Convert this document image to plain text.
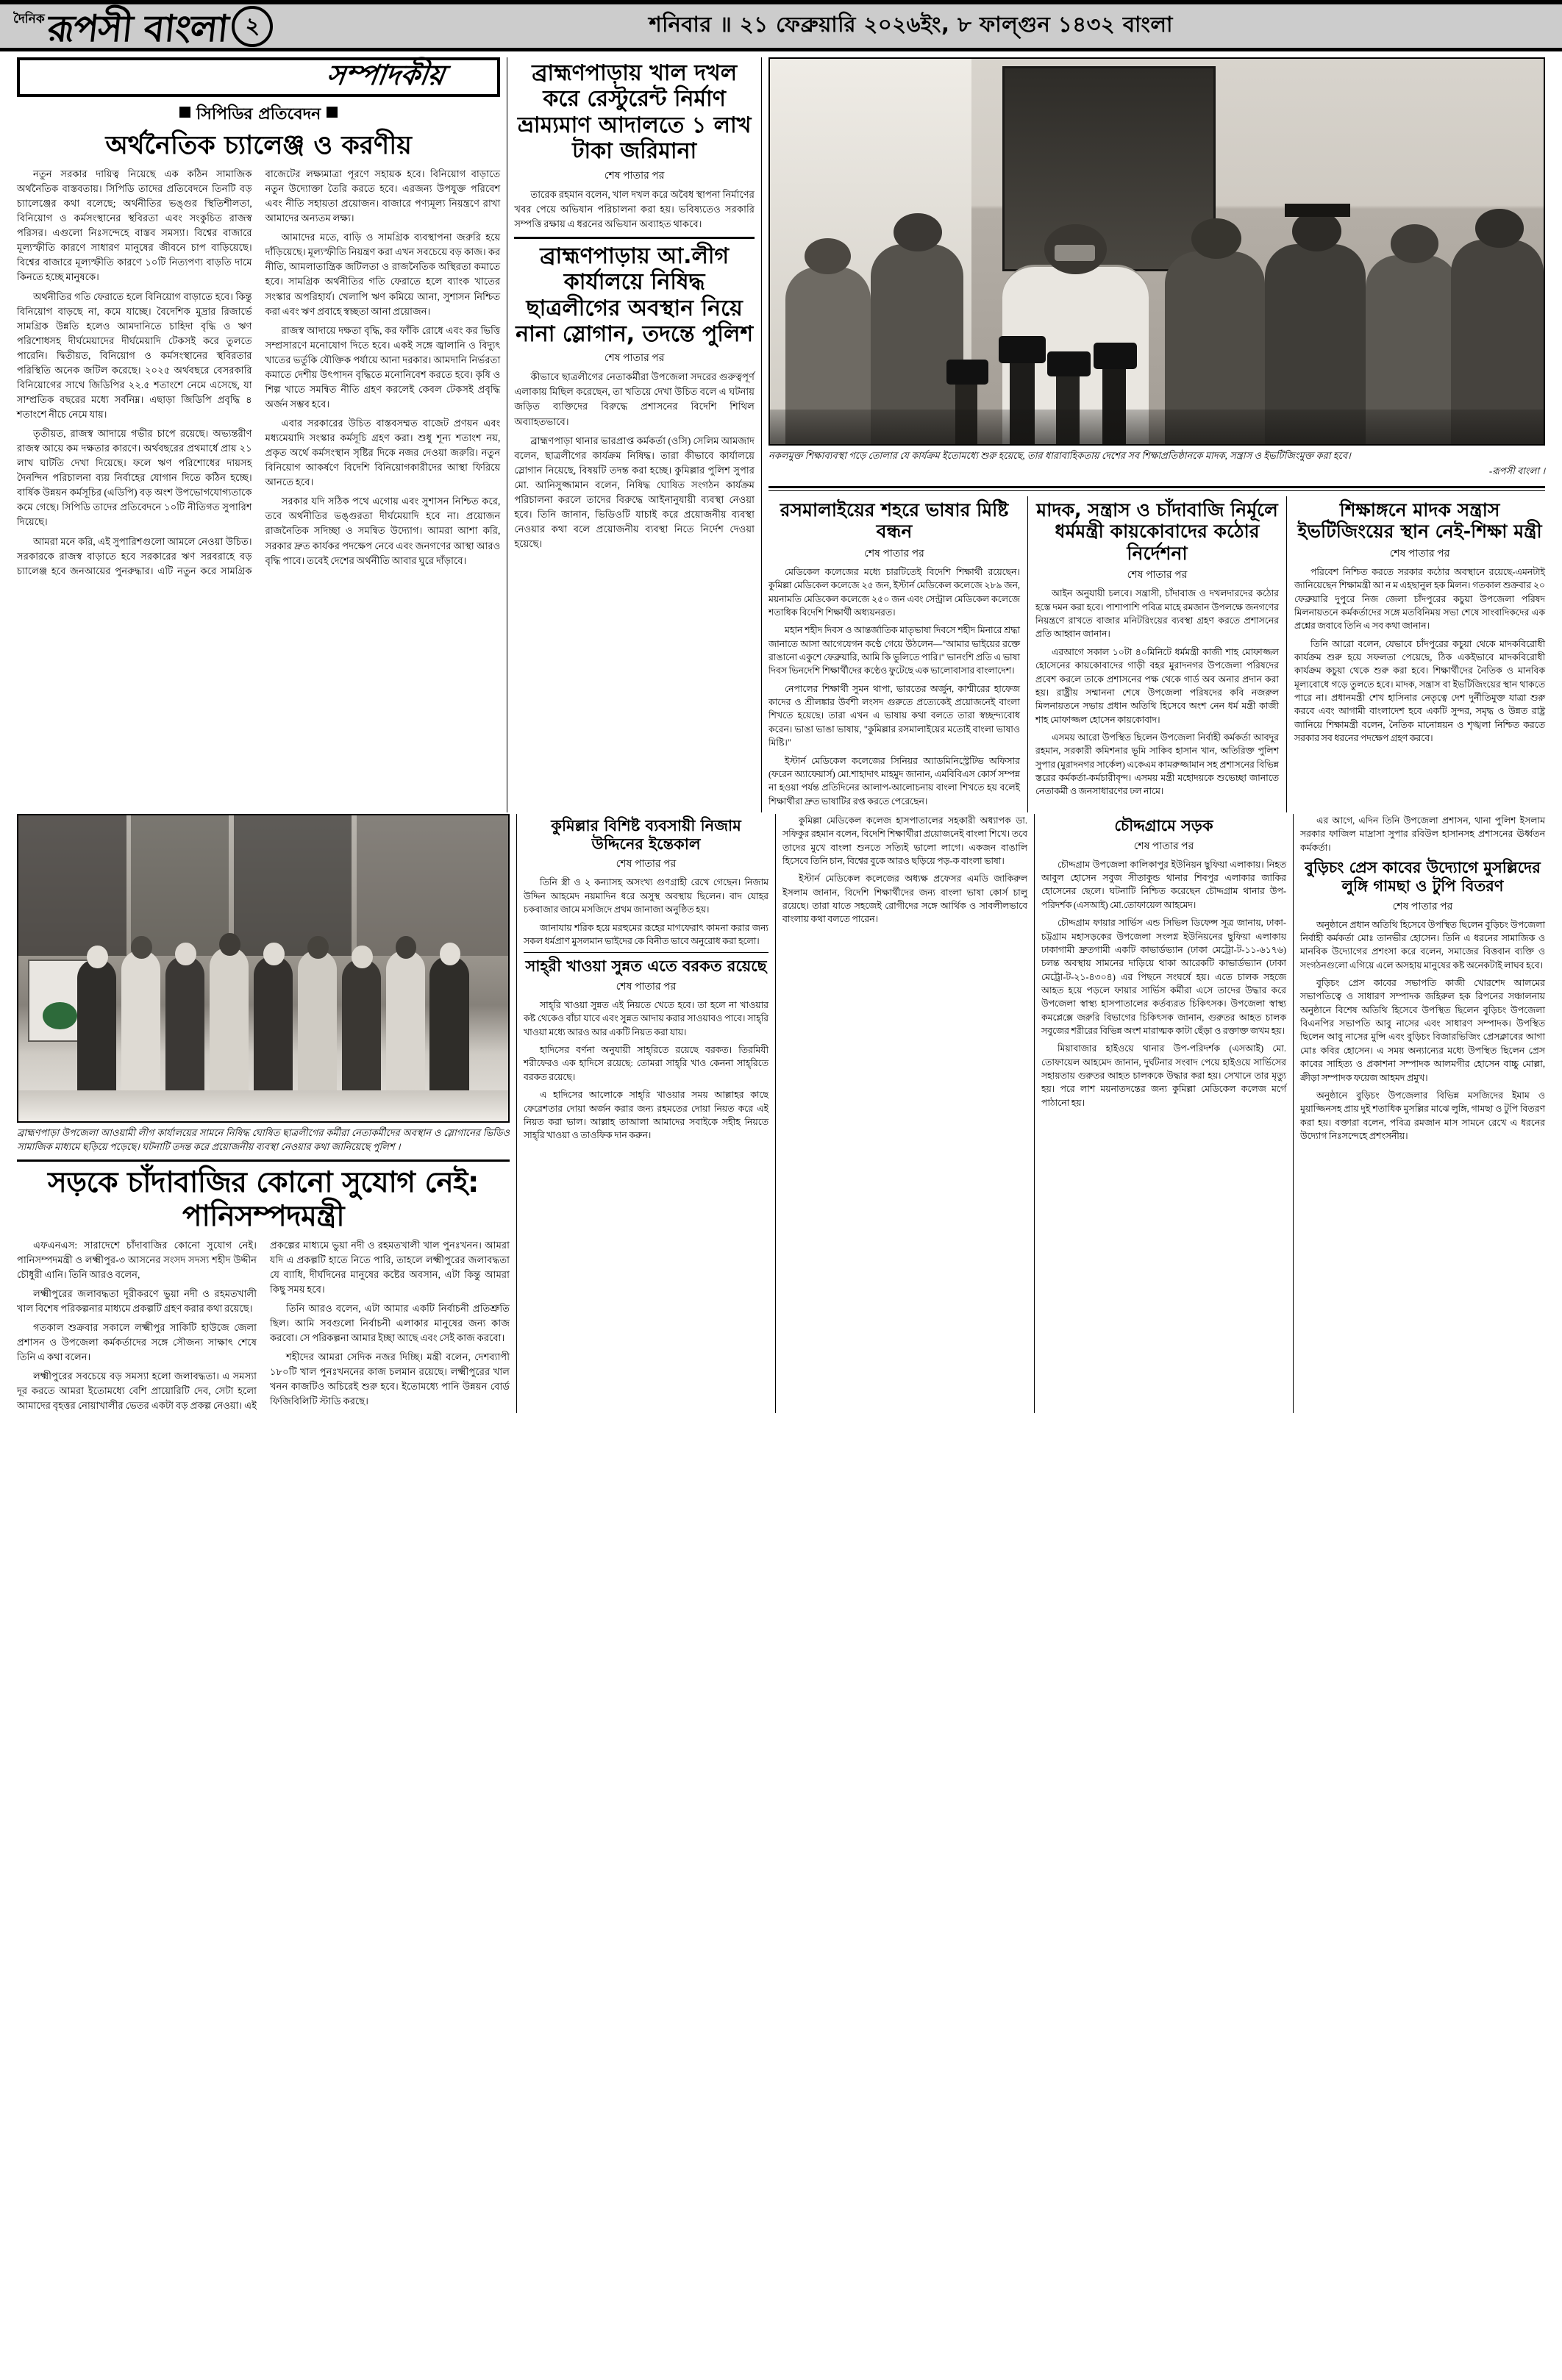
দৈনিক রূপসী বাংলা ২	শনিবার ॥ ২১ ফেব্রুয়ারি ২০২৬ইং, ৮ ফাল্গুন ১৪৩২ বাংলা
সম্পাদকীয়
সিপিডির প্রতিবেদন
অর্থনৈতিক চ্যালেঞ্জ ও করণীয়

নতুন সরকার দায়িত্ব নিয়েছে এক কঠিন সামাজিক অর্থনৈতিক বাস্তবতায়। সিপিডি তাদের প্রতিবেদনে তিনটি বড় চ্যালেঞ্জের কথা বলেছে; অর্থনীতির ভঙ্গুর স্থিতিশীলতা, বিনিয়োগ ও কর্মসংস্থানের স্থবিরতা এবং সংকুচিত রাজস্ব পরিসর। এগুলো নিঃসন্দেহে বাস্তব সমস্যা। বিশ্বের বাজারে মূল্যস্ফীতি কারণে সাধারণ মানুষের জীবনে চাপ বাড়িয়েছে। বিশ্বের বাজারে মূল্যস্ফীতি কারণে ১০টি নিত্যপণ্য বাড়তি দামে কিনতে হচ্ছে মানুষকে।

অর্থনীতির গতি ফেরাতে হলে বিনিয়োগ বাড়াতে হবে। কিন্তু বিনিয়োগ বাড়ছে না, কমে যাচ্ছে। বৈদেশিক মুদ্রার রিজার্ভে সামগ্রিক উন্নতি হলেও আমদানিতে চাহিদা বৃদ্ধি ও ঋণ পরিশোধসহ দীর্ঘমেয়াদের দীর্ঘমেয়াদি টেকসই করে তুলতে পারেনি। দ্বিতীয়ত, বিনিয়োগ ও কর্মসংস্থানের স্থবিরতার পরিস্থিতি অনেক জটিল করেছে। ২০২৫ অর্থবছরে বেসরকারি বিনিয়োগের সাথে জিডিপির ২২.৫ শতাংশে নেমে এসেছে, যা সাম্প্রতিক বছরের মধ্যে সর্বনিম্ন। এছাড়া জিডিপি প্রবৃদ্ধি ৪ শতাংশে নীচে নেমে যায়।

তৃতীয়ত, রাজস্ব আদায়ে গভীর চাপে রয়েছে। অভ্যন্তরীণ রাজস্ব আয়ে কম দক্ষতার কারণে। অর্থবছরের প্রথমার্ধে প্রায় ২১ লাখ ঘাটতি দেখা দিয়েছে। ফলে ঋণ পরিশোধের দায়সহ দৈনন্দিন পরিচালনা ব্যয় নির্বাহের যোগান দিতে কঠিন হচ্ছে। বার্ষিক উন্নয়ন কর্মসূচির (এডিপি) বড় অংশ উপভোগযোগ্যতাকে কমে গেছে। সিপিডি তাদের প্রতিবেদনে ১০টি নীতিগত সুপারিশ দিয়েছে।

আমরা মনে করি, এই সুপারিশগুলো আমলে নেওয়া উচিত। সরকারকে রাজস্ব বাড়াতে হবে সরকারের ঋণ সরবরাহে বড় চ্যালেঞ্জ হবে জনআয়ের পুনরুদ্ধার। এটি নতুন করে সামগ্রিক বাজেটের লক্ষ্যমাত্রা পূরণে সহায়ক হবে। বিনিয়োগ বাড়াতে নতুন উদ্যোক্তা তৈরি করতে হবে। এরজন্য উপযুক্ত পরিবেশ এবং নীতি সহায়তা প্রয়োজন। বাজারে পণ্যমূল্য নিয়ন্ত্রণে রাখা আমাদের অন্যতম লক্ষ্য।

আমাদের মতে, বাড়ি ও সামগ্রিক ব্যবস্থাপনা জরুরি হয়ে দাঁড়িয়েছে। মূল্যস্ফীতি নিয়ন্ত্রণ করা এখন সবচেয়ে বড় কাজ। কর নীতি, আমলাতান্ত্রিক জটিলতা ও রাজনৈতিক অস্থিরতা কমাতে হবে। সামগ্রিক অর্থনীতির গতি ফেরাতে হলে ব্যাংক খাতের সংস্কার অপরিহার্য। খেলাপি ঋণ কমিয়ে আনা, সুশাসন নিশ্চিত করা এবং ঋণ প্রবাহে স্বচ্ছতা আনা প্রয়োজন।

রাজস্ব আদায়ে দক্ষতা বৃদ্ধি, কর ফাঁকি রোধে এবং কর ভিত্তি সম্প্রসারণে মনোযোগ দিতে হবে। একই সঙ্গে জ্বালানি ও বিদ্যুৎ খাতের ভর্তুকি যৌক্তিক পর্যায়ে আনা দরকার। আমদানি নির্ভরতা কমাতে দেশীয় উৎপাদন বৃদ্ধিতে মনোনিবেশ করতে হবে। কৃষি ও শিল্প খাতে সমন্বিত নীতি গ্রহণ করলেই কেবল টেকসই প্রবৃদ্ধি অর্জন সম্ভব হবে।

এবার সরকারের উচিত বাস্তবসম্মত বাজেট প্রণয়ন এবং মধ্যমেয়াদি সংস্কার কর্মসূচি গ্রহণ করা। শুধু শূন্য শতাংশ নয়, প্রকৃত অর্থে কর্মসংস্থান সৃষ্টির দিকে নজর দেওয়া জরুরি। নতুন বিনিয়োগ আকর্ষণে বিদেশি বিনিয়োগকারীদের আস্থা ফিরিয়ে আনতে হবে।

সরকার যদি সঠিক পথে এগোয় এবং সুশাসন নিশ্চিত করে, তবে অর্থনীতির ভঙ্গুরতা দীর্ঘমেয়াদি হবে না। প্রয়োজন রাজনৈতিক সদিচ্ছা ও সমন্বিত উদ্যোগ। আমরা আশা করি, সরকার দ্রুত কার্যকর পদক্ষেপ নেবে এবং জনগণের আস্থা আরও বৃদ্ধি পাবে। তবেই দেশের অর্থনীতি আবার ঘুরে দাঁড়াবে।

ব্রাহ্মণপাড়ায় খাল দখল করে রেস্টুরেন্ট নির্মাণ ভ্রাম্যমাণ আদালতে ১ লাখ টাকা জরিমানা
শেষ পাতার পর

তারেক রহমান বলেন, খাল দখল করে অবৈধ স্থাপনা নির্মাণের খবর পেয়ে অভিযান পরিচালনা করা হয়। ভবিষ্যতেও সরকারি সম্পত্তি রক্ষায় এ ধরনের অভিযান অব্যাহত থাকবে।

ব্রাহ্মণপাড়ায় আ.লীগ কার্যালয়ে নিষিদ্ধ ছাত্রলীগের অবস্থান নিয়ে নানা স্লোগান, তদন্তে পুলিশ
শেষ পাতার পর

কীভাবে ছাত্রলীগের নেতাকর্মীরা উপজেলা সদরের গুরুত্বপূর্ণ এলাকায় মিছিল করেছেন, তা খতিয়ে দেখা উচিত বলে এ ঘটনায় জড়িত ব্যক্তিদের বিরুদ্ধে প্রশাসনের বিদেশি শিথিল অব্যাহতভাবে।

ব্রাহ্মণপাড়া থানার ভারপ্রাপ্ত কর্মকর্তা (ওসি) সেলিম আমজাদ বলেন, ছাত্রলীগের কার্যক্রম নিষিদ্ধ। তারা কীভাবে কার্যালয়ে স্লোগান নিয়েছে, বিষয়টি তদন্ত করা হচ্ছে। কুমিল্লার পুলিশ সুপার মো. আনিসুজ্জামান বলেন, নিষিদ্ধ ঘোষিত সংগঠন কার্যক্রম পরিচালনা করলে তাদের বিরুদ্ধে আইনানুযায়ী ব্যবস্থা নেওয়া হবে। তিনি জানান, ভিডিওটি যাচাই করে প্রয়োজনীয় ব্যবস্থা নেওয়ার কথা বলে প্রয়োজনীয় ব্যবস্থা নিতে নির্দেশ দেওয়া হয়েছে।

নকলমুক্ত শিক্ষাব্যবস্থা গড়ে তোলার যে কার্যক্রম ইতোমধ্যে শুরু হয়েছে, তার ধারাবাহিকতায় দেশের সব শিক্ষাপ্রতিষ্ঠানকে মাদক, সন্ত্রাস ও ইভটিজিংমুক্ত করা হবে।
-রূপসী বাংলা ।
রসমালাইয়ের শহরে ভাষার মিষ্টি বন্ধন
শেষ পাতার পর

মেডিকেল কলেজের মধ্যে চারটিতেই বিদেশি শিক্ষার্থী রয়েছেন। কুমিল্লা মেডিকেল কলেজে ২৫ জন, ইস্টার্ন মেডিকেল কলেজে ২৮৯ জন, ময়নামতি মেডিকেল কলেজে ২৫০ জন এবং সেন্ট্রাল মেডিকেল কলেজে শতাধিক বিদেশি শিক্ষার্থী অধ্যয়নরত।

মহান শহীদ দিবস ও আন্তর্জাতিক মাতৃভাষা দিবসে শহীদ মিনারে শ্রদ্ধা জানাতে আসা আগেযেগন কণ্ঠে গেয়ে উঠলেন—"আমার ভাইয়ের রক্তে রাঙানো একুশে ফেব্রুয়ারি, আমি কি ভুলিতে পারি।" ভানংশি প্রতি এ ভাষা দিবস ভিনদেশি শিক্ষার্থীদের কণ্ঠেও ফুটেছে এক ভালোবাসার বাংলাদেশ।

নেপালের শিক্ষার্থী সুমন থাপা, ভারতের অর্জুন, কাশ্মীরের হাফেজ কাদের ও শ্রীলঙ্কার উর্বশী লংসদ গুরুতে প্রত্যেকেই প্রয়োজনেই বাংলা শিখতে হয়েছে। তারা এখন এ ভাষায় কথা বলতে তারা স্বচ্ছন্দ্যবোধ করেন। ভাঙা ভাঙা ভাষায়, "কুমিল্লার রসমালাইয়ের মতোই বাংলা ভাষাও মিষ্টি।"

ইস্টার্ন মেডিকেল কলেজের সিনিয়র অ্যাডমিনিস্ট্রেটিভ অফিসার (ফরেন অ্যাফেয়ার্স) মো.শাহাদাৎ মাহমুদ জানান, এমবিবিএস কোর্স সম্পন্ন না হওয়া পর্যন্ত প্রতিদিনের আলাপ-আলোচনায় বাংলা শিখতে হয় বলেই শিক্ষার্থীরা দ্রুত ভাষাটির রপ্ত করতে পেরেছেন।

মাদক, সন্ত্রাস ও চাঁদাবাজি নির্মূলে ধর্মমন্ত্রী কায়কোবাদের কঠোর নির্দেশনা
শেষ পাতার পর

আইন অনুযায়ী চলবে। সন্ত্রাসী, চাঁদাবাজ ও দখলদারদের কঠোর হস্তে দমন করা হবে। পাশাপাশি পবিত্র মাহে রমজান উপলক্ষে জনগণের নিয়ন্ত্রণে রাখতে বাজার মনিটরিংয়ের ব্যবস্থা গ্রহণ করতে প্রশাসনের প্রতি আহ্বান জানান।

এরআগে সকাল ১০টা ৪০মিনিটে ধর্মমন্ত্রী কাজী শাহ মোফাজ্জল হোসেনের কায়কোবাদের গাড়ী বহর মুরাদনগর উপজেলা পরিষদের প্রবেশ করলে তাকে প্রশাসনের পক্ষ থেকে গার্ড অব অনার প্রদান করা হয়। রাষ্ট্রীয় সম্মাননা শেষে উপজেলা পরিষদের কবি নজরুল মিলনায়তনে সভায় প্রধান অতিথি হিসেবে অংশ নেন ধর্ম মন্ত্রী কাজী শাহ মোফাজ্জল হোসেন কায়কোবাদ।

এসময় আরো উপস্থিত ছিলেন উপজেলা নির্বাহী কর্মকর্তা আবদুর রহমান, সরকারী কমিশনার ভূমি সাকিব হাসান খান, অতিরিক্ত পুলিশ সুপার (মুরাদনগর সার্কেল) একেএম কামরুজ্জামান সহ প্রশাসনের বিভিন্ন স্তরের কর্মকর্তা-কর্মচারীবৃন্দ। এসময় মন্ত্রী মহোদয়কে শুভেচ্ছা জানাতে নেতাকর্মী ও জনসাধারণের ঢল নামে।

শিক্ষাঙ্গনে মাদক সন্ত্রাস ইভটিজিংয়ের স্থান নেই-শিক্ষা মন্ত্রী
শেষ পাতার পর

পরিবেশ নিশ্চিত করতে সরকার কঠোর অবস্থানে রয়েছে-এমনটাই জানিয়েছেন শিক্ষামন্ত্রী আ ন ম এহছানুল হক মিলন। গতকাল শুক্রবার ২০ ফেব্রুয়ারি দুপুরে নিজ জেলা চাঁদপুরের কচুয়া উপজেলা পরিষদ মিলনায়তনে কর্মকর্তাদের সঙ্গে মতবিনিময় সভা শেষে সাংবাদিকদের এক প্রশ্নের জবাবে তিনি এ সব কথা জানান।

তিনি আরো বলেন, যেভাবে চাঁদপুরের কচুয়া থেকে মাদকবিরোধী কার্যক্রম শুরু হয়ে সফলতা পেয়েছে, ঠিক একইভাবে মাদকবিরোধী কার্যক্রম কচুয়া থেকে শুরু করা হবে। শিক্ষার্থীদের নৈতিক ও মানবিক মূল্যবোধে গড়ে তুলতে হবে। মাদক, সন্ত্রাস বা ইভটিজিংয়ের স্থান থাকতে পারে না। প্রধানমন্ত্রী শেখ হাসিনার নেতৃত্বে দেশ দুর্নীতিমুক্ত যাত্রা শুরু করবে এবং আগামী বাংলাদেশ হবে একটি সুন্দর, সমৃদ্ধ ও উন্নত রাষ্ট্র জানিয়ে শিক্ষামন্ত্রী বলেন, নৈতিক মানোন্নয়ন ও শৃঙ্খলা নিশ্চিত করতে সরকার সব ধরনের পদক্ষেপ গ্রহণ করবে।

ব্রাহ্মণপাড়া উপজেলা আওয়ামী লীগ কার্যালয়ের সামনে নিষিদ্ধ ঘোষিত ছাত্রলীগের কর্মীরা নেতাকর্মীদের অবস্থান ও স্লোগানের ভিডিও সামাজিক মাধ্যমে ছড়িয়ে পড়েছে। ঘটনাটি তদন্ত করে প্রয়োজনীয় ব্যবস্থা নেওয়ার কথা জানিয়েছে পুলিশ ।
সড়কে চাঁদাবাজির কোনো সুযোগ নেই: পানিসম্পদমন্ত্রী

এফএনএস: সারাদেশে চাঁদাবাজির কোনো সুযোগ নেই। পানিসম্পদমন্ত্রী ও লক্ষ্মীপুর-৩ আসনের সংসদ সদস্য শহীদ উদ্দীন চৌধুরী এানি। তিনি আরও বলেন,

লক্ষ্মীপুরের জলাবদ্ধতা দূরীকরণে ভুয়া নদী ও রহমতখালী খাল বিশেষ পরিকল্পনার মাধ্যমে প্রকল্পটি গ্রহণ করার কথা রয়েছে।

গতকাল শুক্রবার সকালে লক্ষ্মীপুর সাকিটি হাউজে জেলা প্রশাসন ও উপজেলা কর্মকর্তাদের সঙ্গে সৌজন্য সাক্ষাৎ শেষে তিনি এ কথা বলেন।

লক্ষ্মীপুরের সবচেয়ে বড় সমস্যা হলো জলাবদ্ধতা। এ সমস্যা দূর করতে আমরা ইতোমধ্যে বেশি প্রায়োরিটি দেব, সেটা হলো আমাদের বৃহত্তর নোয়াখালীর ভেতর একটা বড় প্রকল্প নেওয়া। এই প্রকল্পের মাধ্যমে ভুয়া নদী ও রহমতখালী খাল পুনঃখনন। আমরা যদি এ প্রকল্পটি হাতে নিতে পারি, তাহলে লক্ষ্মীপুরের জলাবদ্ধতা যে ব্যাধি, দীর্ঘদিনের মানুষের কষ্টের অবসান, এটা কিন্তু আমরা কিছু সময় হবে।

তিনি আরও বলেন, এটা আমার একটি নির্বাচনী প্রতিশ্রুতি ছিল। আমি সবগুলো নির্বাচনী এলাকার মানুষের জন্য কাজ করবো। সে পরিকল্পনা আমার ইচ্ছা আছে এবং সেই কাজ করবো।

শহীদের আমরা সেদিক নজর দিচ্ছি। মন্ত্রী বলেন, দেশব্যাপী ১৮০টি খাল পুনঃখননের কাজ চলমান রয়েছে। লক্ষ্মীপুরের খাল খনন কাজটিও অচিরেই শুরু হবে। ইতোমধ্যে পানি উন্নয়ন বোর্ড ফিজিবিলিটি স্টাডি করছে।

কুমিল্লার বিশিষ্ট ব্যবসায়ী নিজাম উদ্দিনের ইন্তেকাল
শেষ পাতার পর

তিনি স্ত্রী ও ২ কন্যাসহ অসংখ্য গুণগ্রাহী রেখে গেছেন। নিজাম উদ্দিন আহমেদ নয়মাদিন ধরে অসুস্থ অবস্থায় ছিলেন। বাদ যোহর চকবাজার জামে মসজিদে প্রথম জানাজা অনুষ্ঠিত হয়।

জানাযায় শরিক হয়ে মরহুমের রূহের মাগফেরাৎ কামনা করার জন্য সকল ধর্মপ্রাণ মুসলমান ভাইদের কে বিনীত ভাবে অনুরোধ করা হলো।

সাহ্‌রী খাওয়া সুন্নত এতে বরকত রয়েছে
শেষ পাতার পর

সাহ্‌রি খাওয়া সুন্নত এই নিয়তে খেতে হবে। তা হলে না খাওয়ার কষ্ট থেকেও বাঁচা যাবে এবং সুন্নত আদায় করার সাওয়াবও পাবে। সাহ্‌রি খাওয়া মধ্যে আরও আর একটি নিয়ত করা যায়।

হাদিসের বর্ণনা অনুযায়ী সাহ্‌রিতে রয়েছে বরকত। তিরমিযী শরীফেরও এক হাদিসে রয়েছে: তোমরা সাহ্‌রি খাও কেননা সাহ্‌রিতে বরকত রয়েছে।

এ হাদিসের আলোকে সাহ্‌রি খাওয়ার সময় আল্লাহর কাছে ফেরেশতার দোয়া অর্জন করার জন্য রহমতের দোয়া নিয়ত করে এই নিয়ত করা ভাল। আল্লাহ তাআলা আমাদের সবাইকে সহীহ নিয়তে সাহ্‌রি খাওয়া ও তাওফিক দান করুন।

কুমিল্লা মেডিকেল কলেজ হাসপাতালের সহকারী অধ্যাপক ডা. সফিকুর রহমান বলেন, বিদেশি শিক্ষার্থীরা প্রয়োজনেই বাংলা শিখে। তবে তাদের মুখে বাংলা শুনতে সত্যিই ভালো লাগে। একজন বাঙালি হিসেবে তিনি চান, বিশ্বের বুকে আরও ছড়িয়ে পড়-ক বাংলা ভাষা।

ইস্টার্ন মেডিকেল কলেজের অধ্যক্ষ প্রফেসর এমডি জাকিরুল ইসলাম জানান, বিদেশি শিক্ষার্থীদের জন্য বাংলা ভাষা কোর্স চালু রয়েছে। তারা যাতে সহজেই রোগীদের সঙ্গে আর্থিক ও সাবলীলভাবে বাংলায় কথা বলতে পারেন।

চৌদ্দগ্রামে সড়ক
শেষ পাতার পর

চৌদ্দগ্রাম উপজেলা কালিকাপুর ইউনিয়ন ছুফিয়া এলাকায়। নিহত আবুল হোসেন সবুজ সীতাকুন্ড থানার শিবপুর এলাকার জাকির হোসেনের ছেলে। ঘটনাটি নিশ্চিত করেছেন চৌদ্দগ্রাম থানার উপ-পরিদর্শক (এসআই) মো.তোফায়েল আহমেদ।

চৌদ্দগ্রাম ফায়ার সার্ভিস এন্ড সিভিল ডিফেন্স সূত্র জানায়, ঢাকা-চট্টগ্রাম মহাসড়কের উপজেলা সংলগ্ন ইউনিয়নের ছুফিয়া এলাকায় ঢাকাগামী দ্রুতগামী একটি কাভার্ডভ্যান (ঢাকা মেট্রো-ট-১১-৬১৭৬) চলন্ত অবস্থায় সামনের দাড়িয়ে থাকা আরেকটি কাভার্ডভ্যান (ঢাকা মেট্রো-ট-২১-৪৩০৪) এর পিছনে সংঘর্ষে হয়। এতে চালক সহজে আহত হয়ে পড়লে ফায়ার সার্ভিস কর্মীরা এসে তাদের উদ্ধার করে উপজেলা স্বাস্থ্য হাসপাতালের কর্তব্যরত চিকিৎসক। উপজেলা স্বাস্থ্য কমপ্লেক্সে জরুরি বিভাগের চিকিৎসক জানান, গুরুতর আহত চালক সবুজের শরীরের বিভিন্ন অংশ মারাত্মক কাটা ছেঁড়া ও রক্তাক্ত জখম হয়।

মিয়াবাজার হাইওয়ে থানার উপ-পরিদর্শক (এসআই) মো. তোফায়েল আহমেদ জানান, দুর্ঘটনার সংবাদ পেয়ে হাইওয়ে সার্ভিসের সহায়তায় গুরুতর আহত চালককে উদ্ধার করা হয়। সেখানে তার মৃত্যু হয়। পরে লাশ ময়নাতদন্তের জন্য কুমিল্লা মেডিকেল কলেজ মর্গে পাঠানো হয়।

এর আগে, এদিন তিনি উপজেলা প্রশাসন, থানা পুলিশ ইসলাম সরকার ফাজিল মাদ্রাসা সুপার রবিউল হাসানসহ প্রশাসনের ঊর্ধ্বতন কর্মকর্তা।

বুড়িচং প্রেস কাবের উদ্যোগে মুসল্লিদের লুঙ্গি গামছা ও টুপি বিতরণ
শেষ পাতার পর

অনুষ্ঠানে প্রধান অতিথি হিসেবে উপস্থিত ছিলেন বুড়িচং উপজেলা নির্বাহী কর্মকর্তা মোঃ তানভীর হোসেন। তিনি এ ধরনের সামাজিক ও মানবিক উদ্যোগের প্রশংসা করে বলেন, সমাজের বিত্তবান ব্যক্তি ও সংগঠনগুলো এগিয়ে এলে অসহায় মানুষের কষ্ট অনেকটাই লাঘব হবে।

বুড়িচং প্রেস কাবের সভাপতি কাজী খোরশেদ আলমের সভাপতিত্বে ও সাধারণ সম্পাদক জহিরুল হক রিপনের সঞ্চালনায় অনুষ্ঠানে বিশেষ অতিথি হিসেবে উপস্থিত ছিলেন বুড়িচং উপজেলা বিএনপির সভাপতি আবু নাসের এবং সাধারণ সম্পাদক। উপস্থিত ছিলেন আবু নাসের মুন্সি এবং বুড়িচং বিজারভিজিং প্রেসক্লাবের আগা মোঃ কবির হোসেন। এ সময় অন্যান্যের মধ্যে উপস্থিত ছিলেন প্রেস কাবের সাহিত্য ও প্রকাশনা সম্পাদক আলমগীর হোসেন বাচ্চু মোল্লা, ক্রীড়া সম্পাদক ফয়েজ আহমদ প্রমুখ।

অনুষ্ঠানে বুড়িচং উপজেলার বিভিন্ন মসজিদের ইমাম ও মুয়াজ্জিনসহ প্রায় দুই শতাধিক মুসল্লির মাঝে লুঙ্গি, গামছা ও টুপি বিতরণ করা হয়। বক্তারা বলেন, পবিত্র রমজান মাস সামনে রেখে এ ধরনের উদ্যোগ নিঃসন্দেহে প্রশংসনীয়।
